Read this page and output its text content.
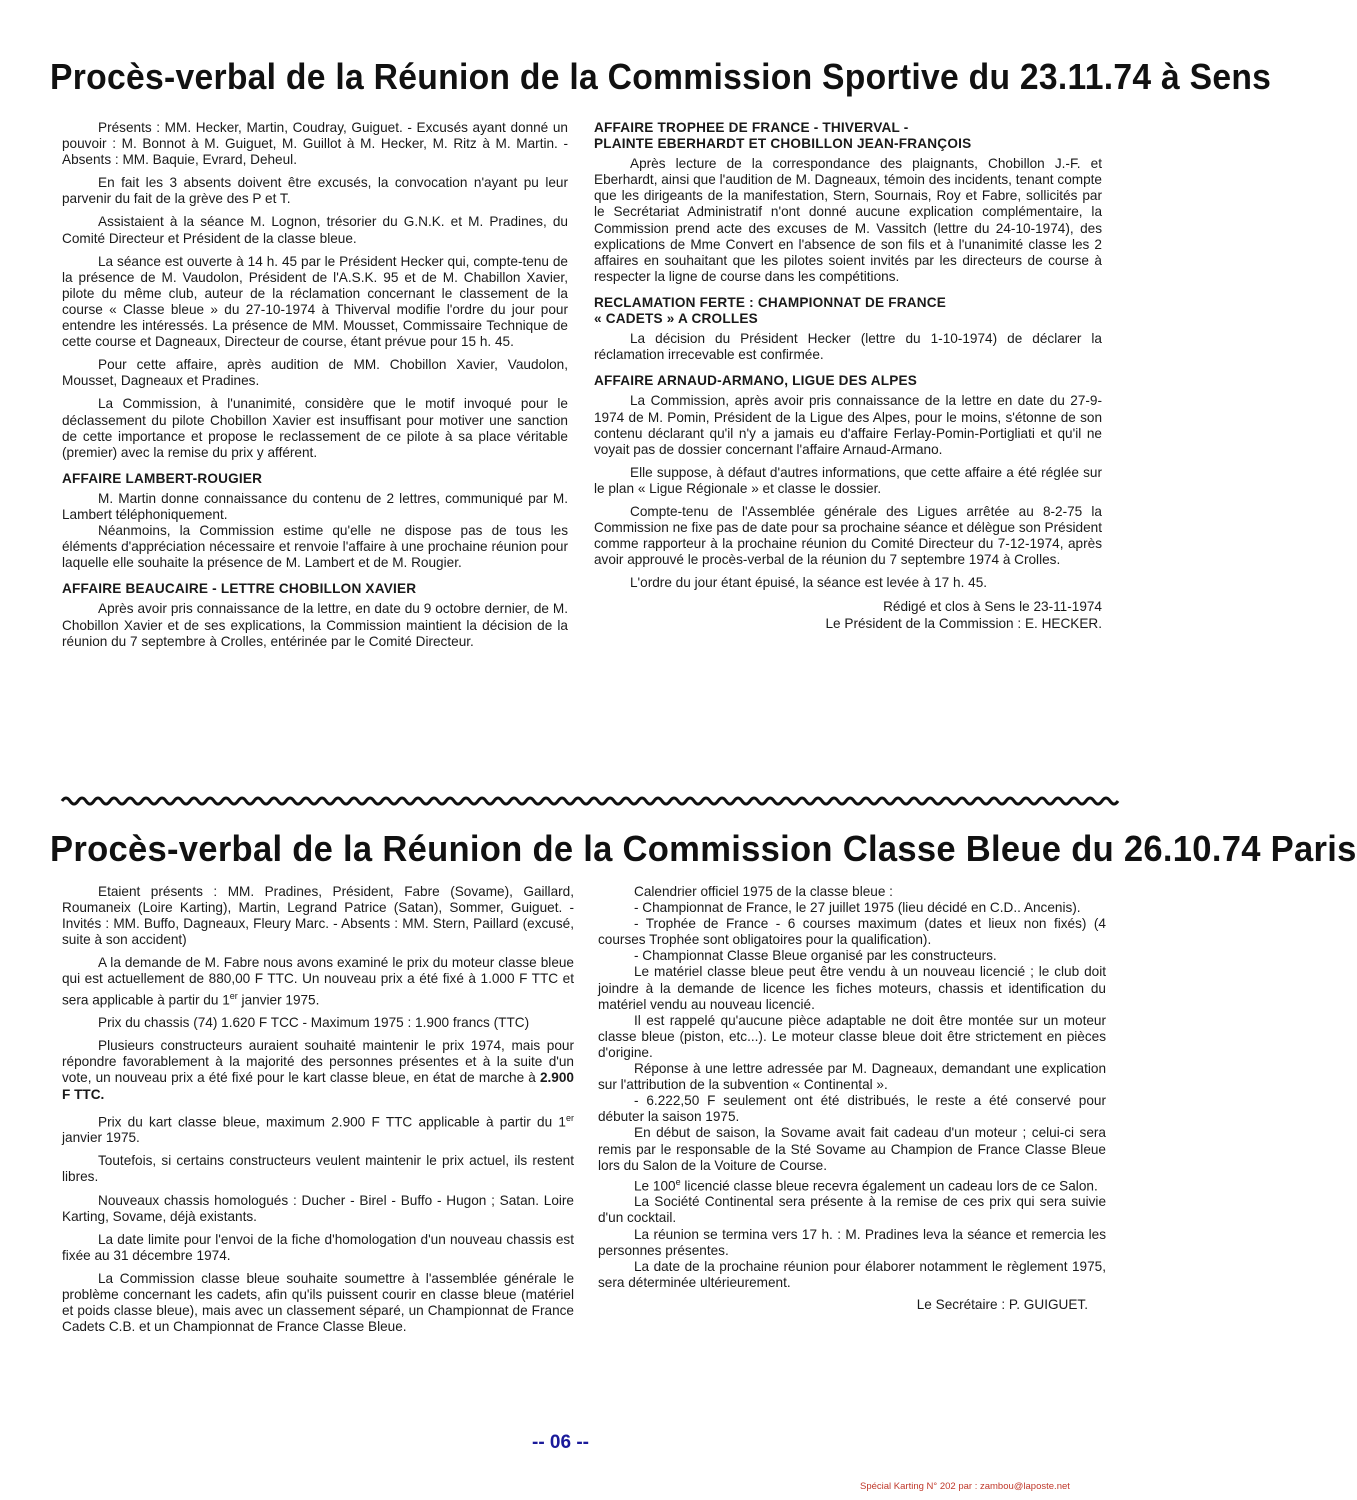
Procès-verbal de la Réunion de la Commission Sportive du 23.11.74 à Sens

Présents : MM. Hecker, Martin, Coudray, Guiguet. - Excusés ayant donné un pouvoir : M. Bonnot à M. Guiguet, M. Guillot à M. Hecker, M. Ritz à M. Martin. - Absents : MM. Baquie, Evrard, Deheul.

En fait les 3 absents doivent être excusés, la convocation n'ayant pu leur parvenir du fait de la grève des P et T.

Assistaient à la séance M. Lognon, trésorier du G.N.K. et M. Pradines, du Comité Directeur et Président de la classe bleue.

La séance est ouverte à 14 h. 45 par le Président Hecker qui, compte-tenu de la présence de M. Vaudolon, Président de l'A.S.K. 95 et de M. Chabillon Xavier, pilote du même club, auteur de la réclamation concernant le classement de la course « Classe bleue » du 27-10-1974 à Thiverval modifie l'ordre du jour pour entendre les intéressés. La présence de MM. Mousset, Commissaire Technique de cette course et Dagneaux, Directeur de course, étant prévue pour 15 h. 45.

Pour cette affaire, après audition de MM. Chobillon Xavier, Vaudolon, Mousset, Dagneaux et Pradines.

La Commission, à l'unanimité, considère que le motif invoqué pour le déclassement du pilote Chobillon Xavier est insuffisant pour motiver une sanction de cette importance et propose le reclassement de ce pilote à sa place véritable (premier) avec la remise du prix y afférent.

AFFAIRE LAMBERT-ROUGIER

M. Martin donne connaissance du contenu de 2 lettres, communiqué par M. Lambert téléphoniquement.

Néanmoins, la Commission estime qu'elle ne dispose pas de tous les éléments d'appréciation nécessaire et renvoie l'affaire à une prochaine réunion pour laquelle elle souhaite la présence de M. Lambert et de M. Rougier.

AFFAIRE BEAUCAIRE - LETTRE CHOBILLON XAVIER

Après avoir pris connaissance de la lettre, en date du 9 octobre dernier, de M. Chobillon Xavier et de ses explications, la Commission maintient la décision de la réunion du 7 septembre à Crolles, entérinée par le Comité Directeur.

AFFAIRE TROPHEE DE FRANCE - THIVERVAL -
PLAINTE EBERHARDT ET CHOBILLON JEAN-FRANÇOIS

Après lecture de la correspondance des plaignants, Chobillon J.-F. et Eberhardt, ainsi que l'audition de M. Dagneaux, témoin des incidents, tenant compte que les dirigeants de la manifestation, Stern, Sournais, Roy et Fabre, sollicités par le Secrétariat Administratif n'ont donné aucune explication complémentaire, la Commission prend acte des excuses de M. Vassitch (lettre du 24-10-1974), des explications de Mme Convert en l'absence de son fils et à l'unanimité classe les 2 affaires en souhaitant que les pilotes soient invités par les directeurs de course à respecter la ligne de course dans les compétitions.

RECLAMATION FERTE : CHAMPIONNAT DE FRANCE
« CADETS » A CROLLES

La décision du Président Hecker (lettre du 1-10-1974) de déclarer la réclamation irrecevable est confirmée.

AFFAIRE ARNAUD-ARMANO, LIGUE DES ALPES

La Commission, après avoir pris connaissance de la lettre en date du 27-9-1974 de M. Pomin, Président de la Ligue des Alpes, pour le moins, s'étonne de son contenu déclarant qu'il n'y a jamais eu d'affaire Ferlay-Pomin-Portigliati et qu'il ne voyait pas de dossier concernant l'affaire Arnaud-Armano.

Elle suppose, à défaut d'autres informations, que cette affaire a été réglée sur le plan « Ligue Régionale » et classe le dossier.

Compte-tenu de l'Assemblée générale des Ligues arrêtée au 8-2-75 la Commission ne fixe pas de date pour sa prochaine séance et délègue son Président comme rapporteur à la prochaine réunion du Comité Directeur du 7-12-1974, après avoir approuvé le procès-verbal de la réunion du 7 septembre 1974 à Crolles.

L'ordre du jour étant épuisé, la séance est levée à 17 h. 45.

Rédigé et clos à Sens le 23-11-1974

Le Président de la Commission : E. HECKER.

Procès-verbal de la Réunion de la Commission Classe Bleue du 26.10.74 Paris

Etaient présents : MM. Pradines, Président, Fabre (Sovame), Gaillard, Roumaneix (Loire Karting), Martin, Legrand Patrice (Satan), Sommer, Guiguet. - Invités : MM. Buffo, Dagneaux, Fleury Marc. - Absents : MM. Stern, Paillard (excusé, suite à son accident)

A la demande de M. Fabre nous avons examiné le prix du moteur classe bleue qui est actuellement de 880,00 F TTC. Un nouveau prix a été fixé à 1.000 F TTC et sera applicable à partir du 1er janvier 1975.

Prix du chassis (74) 1.620 F TCC - Maximum 1975 : 1.900 francs (TTC)

Plusieurs constructeurs auraient souhaité maintenir le prix 1974, mais pour répondre favorablement à la majorité des personnes présentes et à la suite d'un vote, un nouveau prix a été fixé pour le kart classe bleue, en état de marche à 2.900 F TTC.

Prix du kart classe bleue, maximum 2.900 F TTC applicable à partir du 1er janvier 1975.

Toutefois, si certains constructeurs veulent maintenir le prix actuel, ils restent libres.

Nouveaux chassis homologués : Ducher - Birel - Buffo - Hugon ; Satan. Loire Karting, Sovame, déjà existants.

La date limite pour l'envoi de la fiche d'homologation d'un nouveau chassis est fixée au 31 décembre 1974.

La Commission classe bleue souhaite soumettre à l'assemblée générale le problème concernant les cadets, afin qu'ils puissent courir en classe bleue (matériel et poids classe bleue), mais avec un classement séparé, un Championnat de France Cadets C.B. et un Championnat de France Classe Bleue.

Calendrier officiel 1975 de la classe bleue :

- Championnat de France, le 27 juillet 1975 (lieu décidé en C.D.. Ancenis).

- Trophée de France - 6 courses maximum (dates et lieux non fixés) (4 courses Trophée sont obligatoires pour la qualification).

- Championnat Classe Bleue organisé par les constructeurs.

Le matériel classe bleue peut être vendu à un nouveau licencié ; le club doit joindre à la demande de licence les fiches moteurs, chassis et identification du matériel vendu au nouveau licencié.

Il est rappelé qu'aucune pièce adaptable ne doit être montée sur un moteur classe bleue (piston, etc...). Le moteur classe bleue doit être strictement en pièces d'origine.

Réponse à une lettre adressée par M. Dagneaux, demandant une explication sur l'attribution de la subvention « Continental ».

- 6.222,50 F seulement ont été distribués, le reste a été conservé pour débuter la saison 1975.

En début de saison, la Sovame avait fait cadeau d'un moteur ; celui-ci sera remis par le responsable de la Sté Sovame au Champion de France Classe Bleue lors du Salon de la Voiture de Course.

Le 100e licencié classe bleue recevra également un cadeau lors de ce Salon.

La Société Continental sera présente à la remise de ces prix qui sera suivie d'un cocktail.

La réunion se termina vers 17 h. : M. Pradines leva la séance et remercia les personnes présentes.

La date de la prochaine réunion pour élaborer notamment le règlement 1975, sera déterminée ultérieurement.

Le Secrétaire : P. GUIGUET.

-- 06 --
Spécial Karting N° 202 par : zambou@laposte.net
